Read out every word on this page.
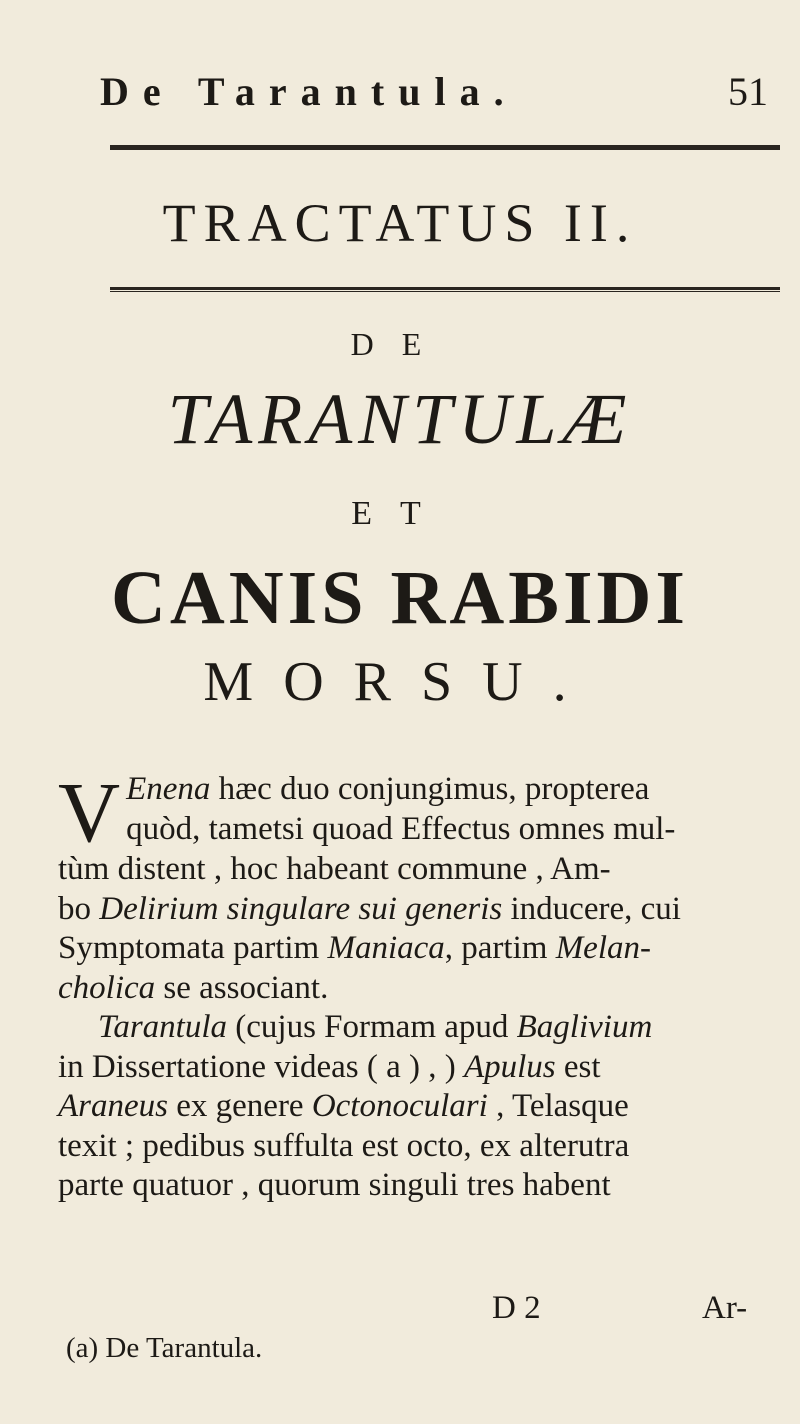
De Tarantula.	51
TRACTATUS II.
DE
TARANTULÆ
ET
CANIS RABIDI
MORSU.
V Enena hæc duo conjungimus, propterea
quòd, tametsi quoad Effectus omnes mul-
tùm distent , hoc habeant commune , Am-
bo Delirium singulare sui generis inducere, cui
Symptomata partim Maniaca, partim Melan-
cholica se associant.
Tarantula (cujus Formam apud Baglivium
in Dissertatione videas ( a ) , ) Apulus est
Araneus ex genere Octonoculari , Telasque
texit ; pedibus suffulta est octo, ex alterutra
parte quatuor , quorum singuli tres habent
D 2	Ar-
(a) De Tarantula.
